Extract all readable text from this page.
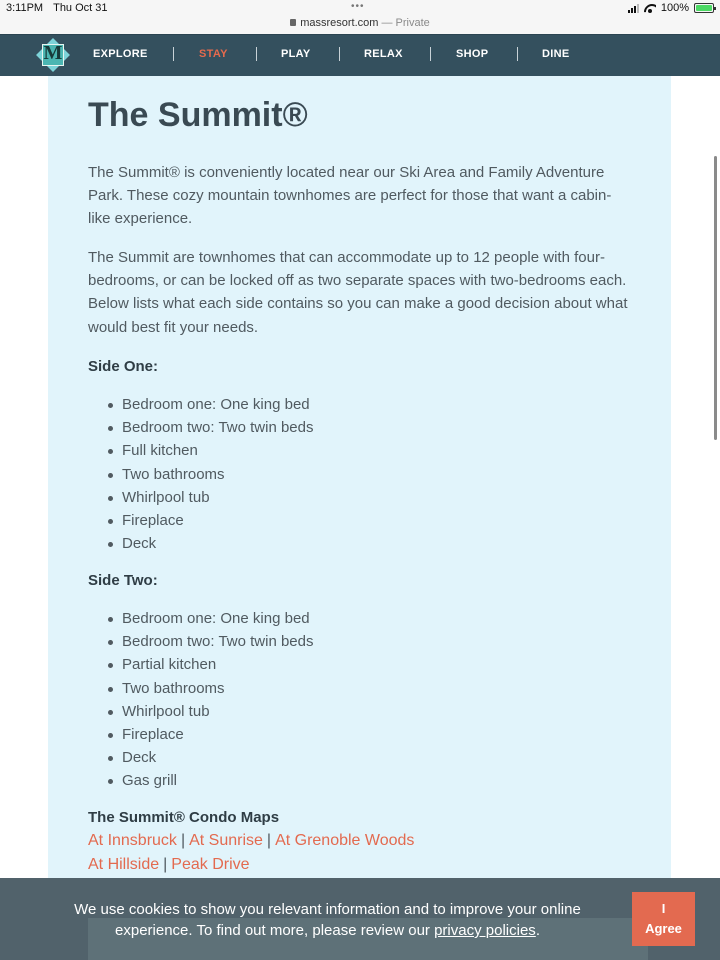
3:11PM Thu Oct 31	•••
massresort.com — Private
100%
M	EXPLORE	STAY	PLAY	RELAX	SHOP	DINE
The Summit®

The Summit® is conveniently located near our Ski Area and Family Adventure Park. These cozy mountain townhomes are perfect for those that want a cabin-like experience.

The Summit are townhomes that can accommodate up to 12 people with four-bedrooms, or can be locked off as two separate spaces with two-bedrooms each. Below lists what each side contains so you can make a good decision about what would best fit your needs.

Side One:
Bedroom one: One king bed
Bedroom two: Two twin beds
Full kitchen
Two bathrooms
Whirlpool tub
Fireplace
Deck
Side Two:
Bedroom one: One king bed
Bedroom two: Two twin beds
Partial kitchen
Two bathrooms
Whirlpool tub
Fireplace
Deck
Gas grill
The Summit® Condo Maps
At Innsbruck | At Sunrise | At Grenoble Woods
At Hillside | Peak Drive

We use cookies to show you relevant information and to improve your online experience. To find out more, please review our privacy policies.

I
Agree
